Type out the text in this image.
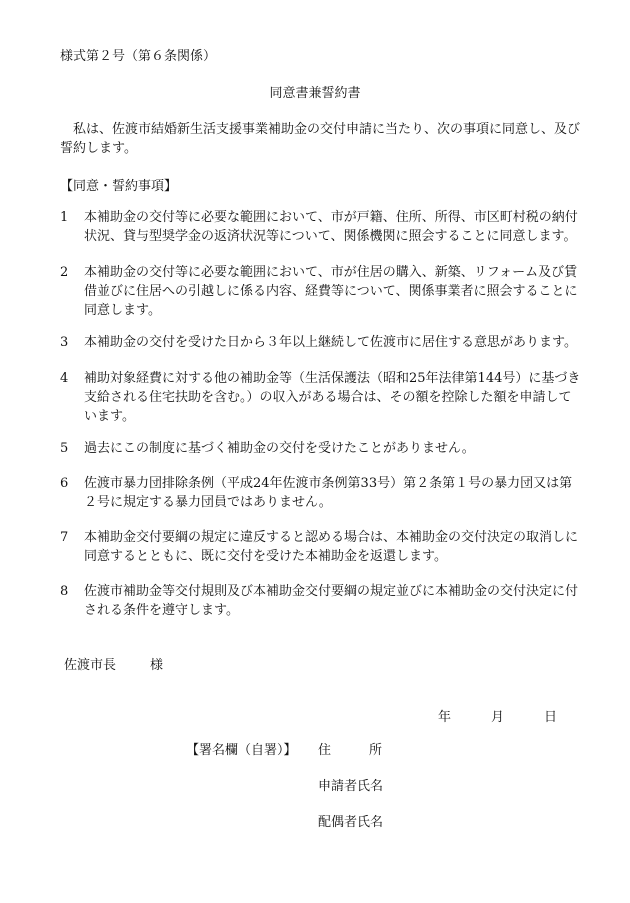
様式第２号（第６条関係）
同意書兼誓約書
私は、佐渡市結婚新生活支援事業補助金の交付申請に当たり、次の事項に同意し、及び誓約します。
【同意・誓約事項】
1	本補助金の交付等に必要な範囲において、市が戸籍、住所、所得、市区町村税の納付状況、貸与型奨学金の返済状況等について、関係機関に照会することに同意します。
2	本補助金の交付等に必要な範囲において、市が住居の購入、新築、リフォーム及び賃借並びに住居への引越しに係る内容、経費等について、関係事業者に照会することに同意します。
3	本補助金の交付を受けた日から３年以上継続して佐渡市に居住する意思があります。
4	補助対象経費に対する他の補助金等（生活保護法（昭和25年法律第144号）に基づき支給される住宅扶助を含む。）の収入がある場合は、その額を控除した額を申請しています。
5	過去にこの制度に基づく補助金の交付を受けたことがありません。
6	佐渡市暴力団排除条例（平成24年佐渡市条例第33号）第２条第１号の暴力団又は第２号に規定する暴力団員ではありません。
7	本補助金交付要綱の規定に違反すると認める場合は、本補助金の交付決定の取消しに同意するとともに、既に交付を受けた本補助金を返還します。
8	佐渡市補助金等交付規則及び本補助金交付要綱の規定並びに本補助金の交付決定に付される条件を遵守します。
佐渡市長	様
年	月	日
【署名欄（自署）】 住	所
申請者氏名
配偶者氏名
